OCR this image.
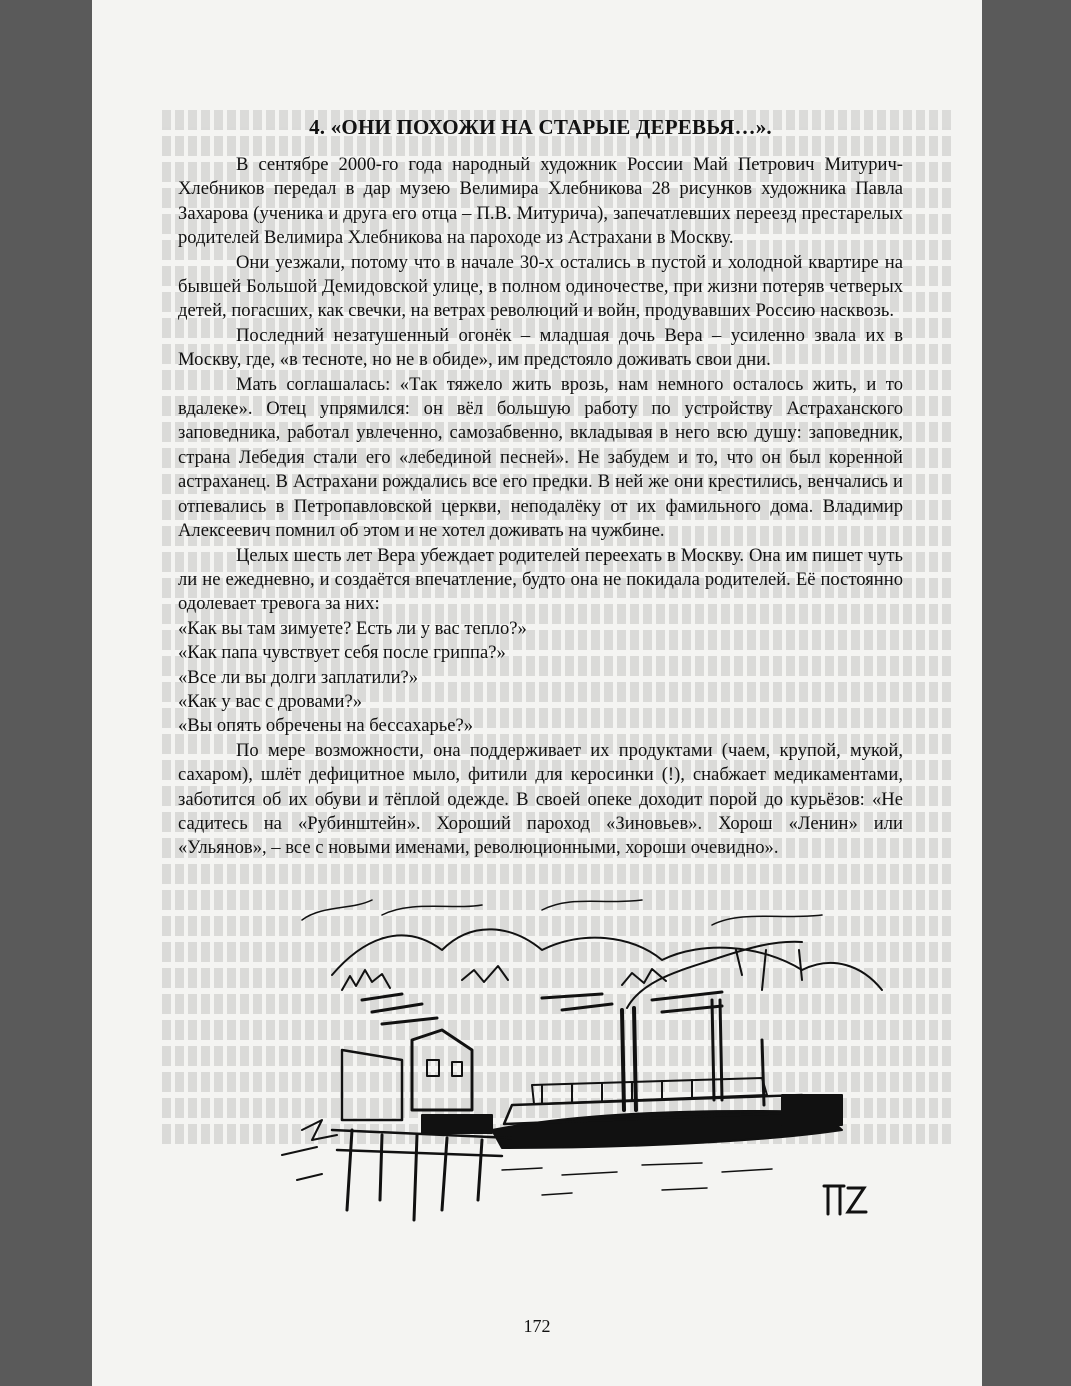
4. «ОНИ ПОХОЖИ НА СТАРЫЕ ДЕРЕВЬЯ…».

В сентябре 2000-го года народный художник России Май Петрович Митурич-Хлебников передал в дар музею Велимира Хлебникова 28 рисунков художника Павла Захарова (ученика и друга его отца – П.В. Митурича), запечатлевших переезд престарелых родителей Велимира Хлебникова на пароходе из Астрахани в Москву.

Они уезжали, потому что в начале 30-х остались в пустой и холодной квартире на бывшей Большой Демидовской улице, в полном одиночестве, при жизни потеряв четверых детей, погасших, как свечки, на ветрах революций и войн, продувавших Россию насквозь.

Последний незатушенный огонёк – младшая дочь Вера – усиленно звала их в Москву, где, «в тесноте, но не в обиде», им предстояло доживать свои дни.

Мать соглашалась: «Так тяжело жить врозь, нам немного осталось жить, и то вдалеке». Отец упрямился: он вёл большую работу по устройству Астраханского заповедника, работал увлеченно, самозабвенно, вкладывая в него всю душу: заповедник, страна Лебедия стали его «лебединой песней». Не забудем и то, что он был коренной астраханец. В Астрахани рождались все его предки. В ней же они крестились, венчались и отпевались в Петропавловской церкви, неподалёку от их фамильного дома. Владимир Алексеевич помнил об этом и не хотел доживать на чужбине.

Целых шесть лет Вера убеждает родителей переехать в Москву. Она им пишет чуть ли не ежедневно, и создаётся впечатление, будто она не покидала родителей. Её постоянно одолевает тревога за них:

«Как вы там зимуете? Есть ли у вас тепло?»

«Как папа чувствует себя после гриппа?»

«Все ли вы долги заплатили?»

«Как у вас с дровами?»

«Вы опять обречены на бессахарье?»

По мере возможности, она поддерживает их продуктами (чаем, крупой, мукой, сахаром), шлёт дефицитное мыло, фитили для керосинки (!), снабжает медикаментами, заботится об их обуви и тёплой одежде. В своей опеке доходит порой до курьёзов: «Не садитесь на «Рубинштейн». Хороший пароход «Зиновьев». Хорош «Ленин» или «Ульянов», – все с новыми именами, революционными, хороши очевидно».

172
